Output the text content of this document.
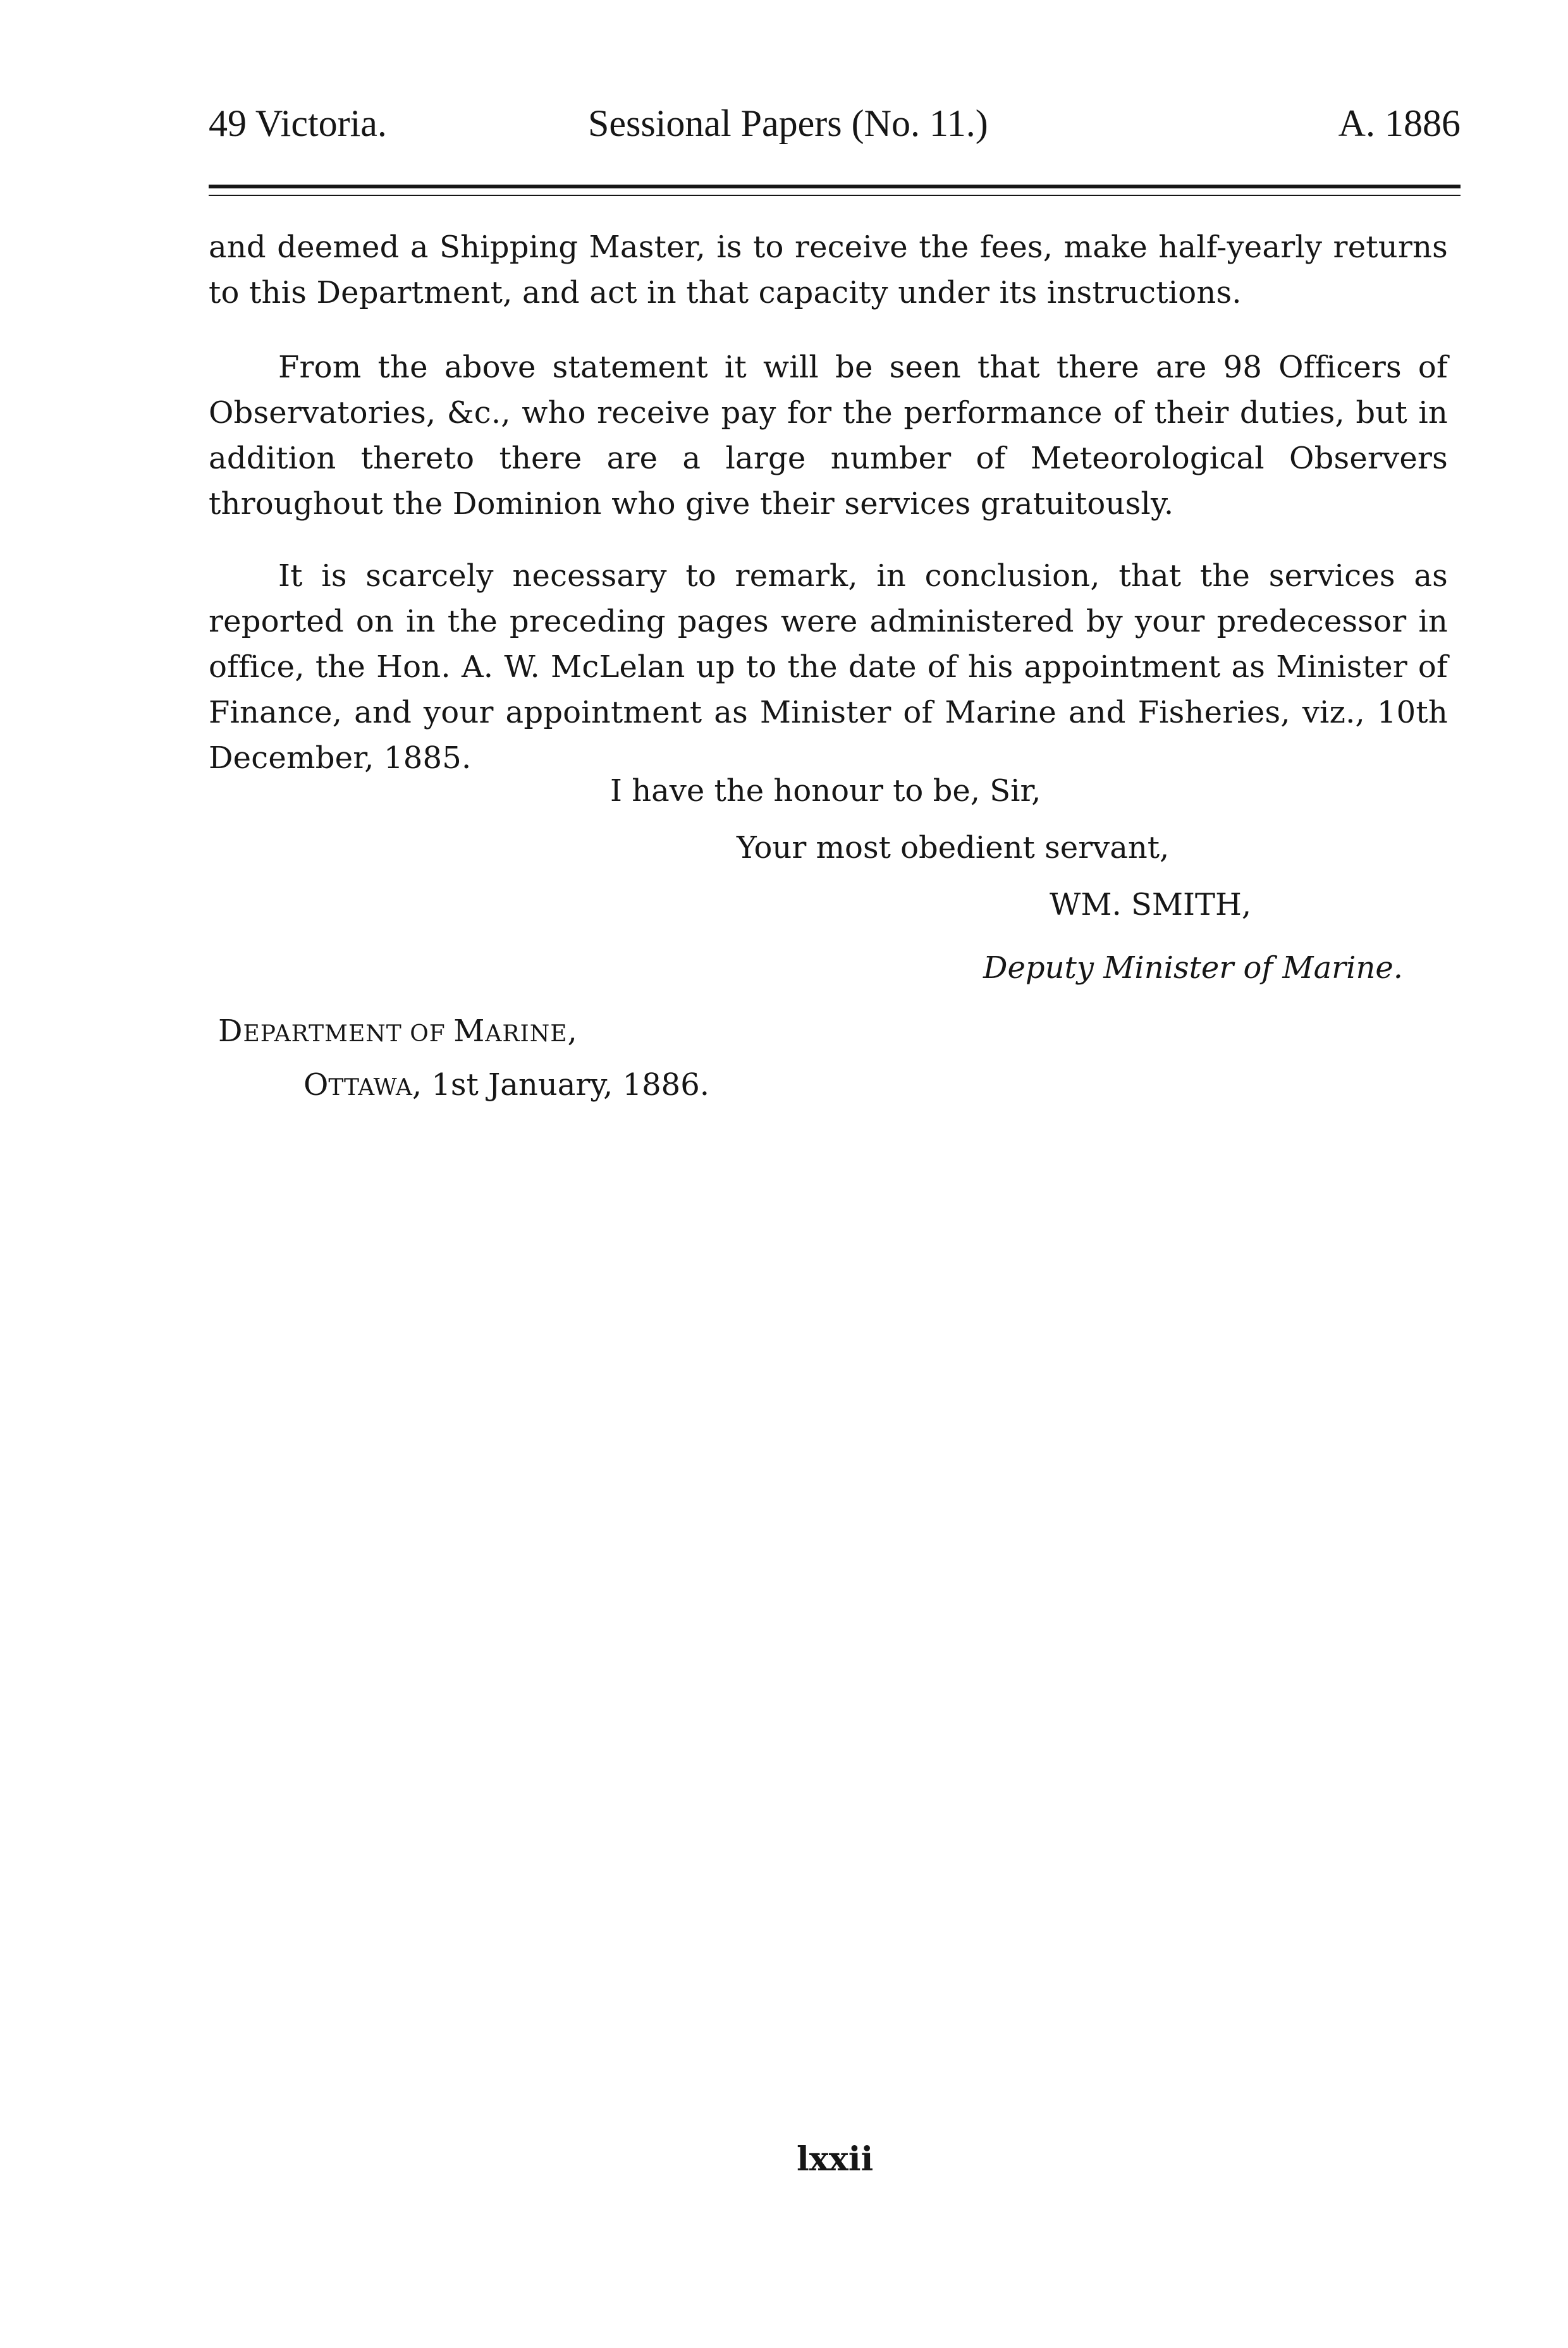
49 Victoria.	Sessional Papers (No. 11.)	A. 1886

and deemed a Shipping Master, is to receive the fees, make half-yearly returns to this Department, and act in that capacity under its instructions.

From the above statement it will be seen that there are 98 Officers of Observatories, &c., who receive pay for the performance of their duties, but in addition thereto there are a large number of Meteorological Observers throughout the Dominion who give their services gratuitously.

It is scarcely necessary to remark, in conclusion, that the services as reported on in the preceding pages were administered by your predecessor in office, the Hon. A. W. McLelan up to the date of his appointment as Minister of Finance, and your appointment as Minister of Marine and Fisheries, viz., 10th December, 1885.

I have the honour to be, Sir,
Your most obedient servant,
WM. SMITH,
Deputy Minister of Marine.
DEPARTMENT OF MARINE,
OTTAWA, 1st January, 1886.
lxxii
